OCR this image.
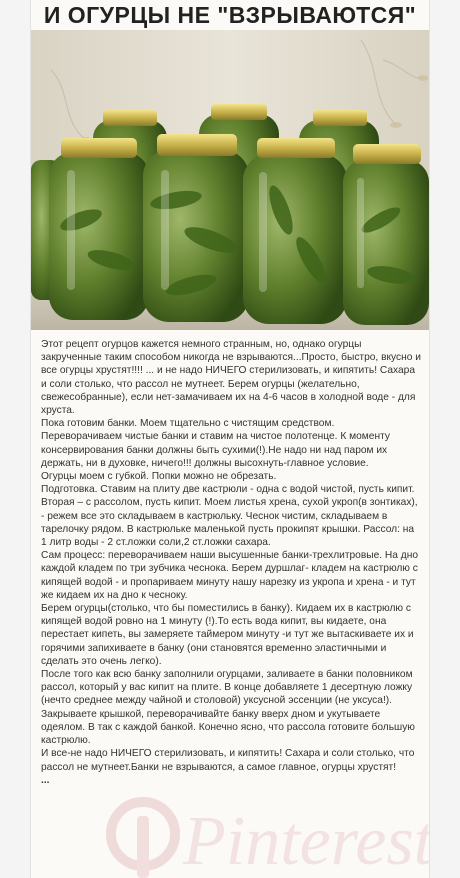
И ОГУРЦЫ НЕ "ВЗРЫВАЮТСЯ"

Этот рецепт огурцов кажется немного странным, но, однако огурцы закрученные таким способом никогда не взрываются...Просто, быстро, вкусно и все огурцы хрустят!!!! ... и не надо НИЧЕГО стерилизовать, и кипятить! Сахара и соли столько, что рассол не мутнеет. Берем огурцы (желательно, свежесобранные), если нет-замачиваем их на 4-6 часов в холодной воде - для хруста.

Пока готовим банки. Моем тщательно с чистящим средством.

Переворачиваем чистые банки и ставим на чистое полотенце. К моменту консервирования банки должны быть сухими(!).Не надо ни над паром их держать, ни в духовке, ничего!!! должны высохнуть-главное условие.

Огурцы моем с губкой. Попки можно не обрезать.

Подготовка. Ставим на плиту две кастрюли - одна с водой чистой, пусть кипит. Вторая – с рассолом, пусть кипит. Моем листья хрена, сухой укроп(в зонтиках), - режем все это складываем в кастрюльку. Чеснок чистим, складываем в тарелочку рядом. В кастрюльке маленькой пусть прокипят крышки. Рассол: на 1 литр воды - 2 ст.ложки соли,2 ст.ложки сахара.

Сам процесс: переворачиваем наши высушенные банки-трехлитровые. На дно каждой кладем по три зубчика чеснока. Берем дуршлаг- кладем на кастрюлю с кипящей водой - и пропариваем минуту нашу нарезку из укропа и хрена - и тут же кидаем их на дно к чесноку.

Берем огурцы(столько, что бы поместились в банку). Кидаем их в кастрюлю с кипящей водой ровно на 1 минуту (!).То есть вода кипит, вы кидаете, она перестает кипеть, вы замеряете таймером минуту -и тут же вытаскиваете их и горячими запихиваете в банку (они становятся временно эластичными и сделать это очень легко).

После того как всю банку заполнили огурцами, заливаете в банки половником рассол, который у вас кипит на плите. В конце добавляете 1 десертную ложку (нечто среднее между чайной и столовой) уксусной эссенции (не уксуса!). Закрываете крышкой, переворачивайте банку вверх дном и укутываете одеялом. В так с каждой банкой. Конечно ясно, что рассола готовите большую кастрюлю.

И все-не надо НИЧЕГО стерилизовать, и кипятить! Сахара и соли столько, что рассол не мутнеет.Банки не взрываются, а самое главное, огурцы хрустят!

...

Pinterest
